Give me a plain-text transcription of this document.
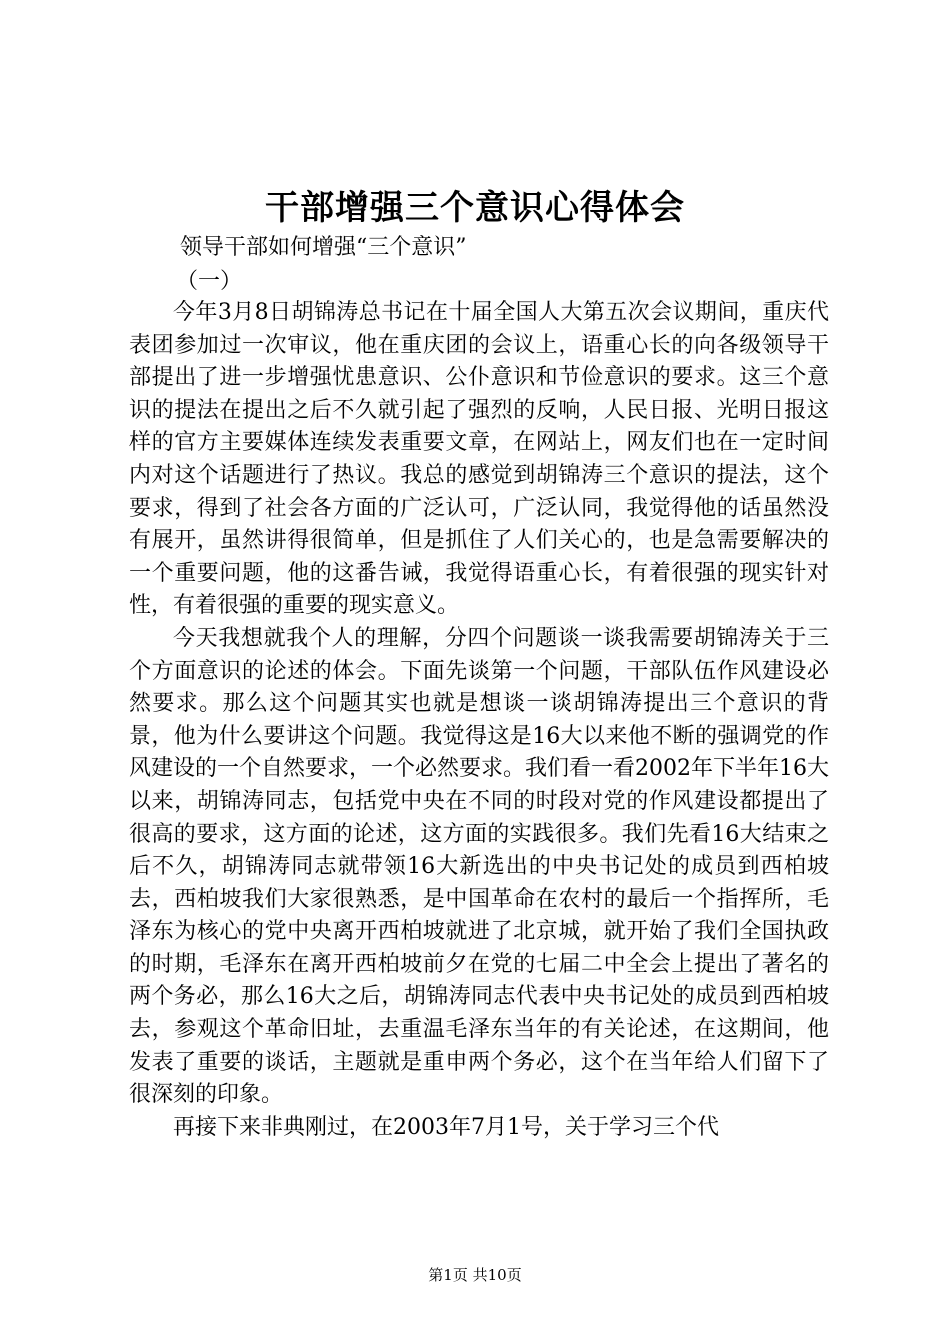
干部增强三个意识心得体会
领导干部如何增强“三个意识”
（一）

今年3月8日胡锦涛总书记在十届全国人大第五次会议期间，重庆代表团参加过一次审议，他在重庆团的会议上，语重心长的向各级领导干部提出了进一步增强忧患意识、公仆意识和节俭意识的要求。这三个意识的提法在提出之后不久就引起了强烈的反响，人民日报、光明日报这样的官方主要媒体连续发表重要文章，在网站上，网友们也在一定时间内对这个话题进行了热议。我总的感觉到胡锦涛三个意识的提法，这个要求，得到了社会各方面的广泛认可，广泛认同，我觉得他的话虽然没有展开，虽然讲得很简单，但是抓住了人们关心的，也是急需要解决的一个重要问题，他的这番告诫，我觉得语重心长，有着很强的现实针对性，有着很强的重要的现实意义。

今天我想就我个人的理解，分四个问题谈一谈我需要胡锦涛关于三个方面意识的论述的体会。下面先谈第一个问题，干部队伍作风建设必然要求。那么这个问题其实也就是想谈一谈胡锦涛提出三个意识的背景，他为什么要讲这个问题。我觉得这是16大以来他不断的强调党的作风建设的一个自然要求，一个必然要求。我们看一看2002年下半年16大以来，胡锦涛同志，包括党中央在不同的时段对党的作风建设都提出了很高的要求，这方面的论述，这方面的实践很多。我们先看16大结束之后不久，胡锦涛同志就带领16大新选出的中央书记处的成员到西柏坡去，西柏坡我们大家很熟悉，是中国革命在农村的最后一个指挥所，毛泽东为核心的党中央离开西柏坡就进了北京城，就开始了我们全国执政的时期，毛泽东在离开西柏坡前夕在党的七届二中全会上提出了著名的两个务必，那么16大之后，胡锦涛同志代表中央书记处的成员到西柏坡去，参观这个革命旧址，去重温毛泽东当年的有关论述，在这期间，他发表了重要的谈话，主题就是重申两个务必，这个在当年给人们留下了很深刻的印象。

再接下来非典刚过，在2003年7月1号，关于学习三个代

第1页 共10页
